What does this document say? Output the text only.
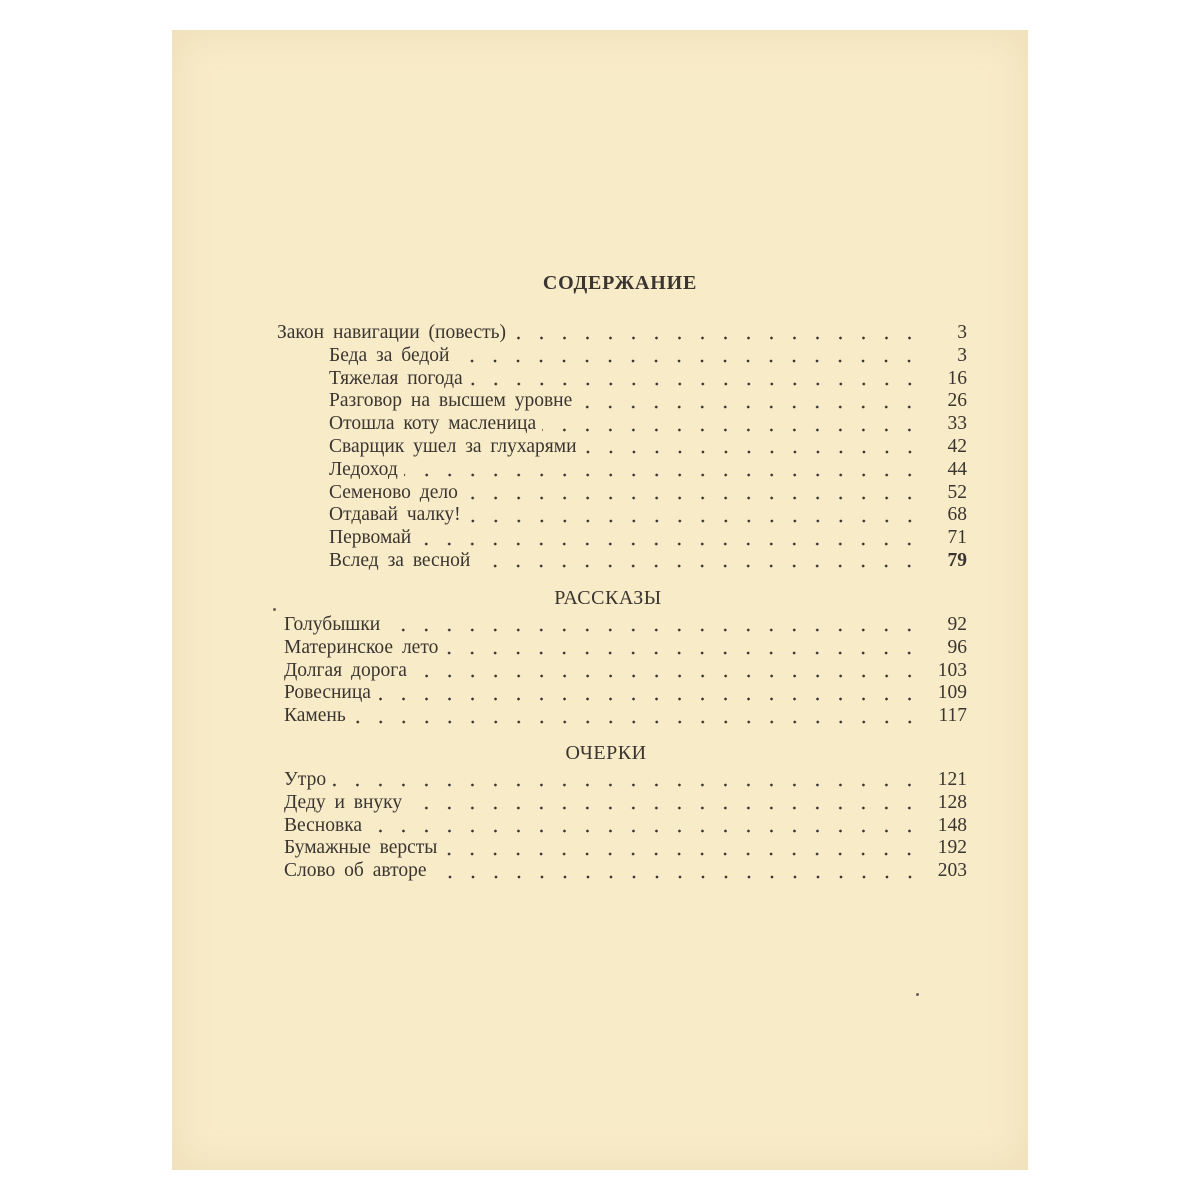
СОДЕРЖАНИЕ
Закон навигации (повесть)	3
Беда за бедой	3
Тяжелая погода	16
Разговор на высшем уровне	26
Отошла коту масленица	33
Сварщик ушел за глухарями	42
Ледоход	44
Семеново дело	52
Отдавай чалку!	68
Первомай	71
Вслед за весной	79
РАССКАЗЫ
Голубышки	92
Материнское лето	96
Долгая дорога	103
Ровесница	109
Камень	117
ОЧЕРКИ
Утро	121
Деду и внуку	128
Весновка	148
Бумажные версты	192
Слово об авторе	203
